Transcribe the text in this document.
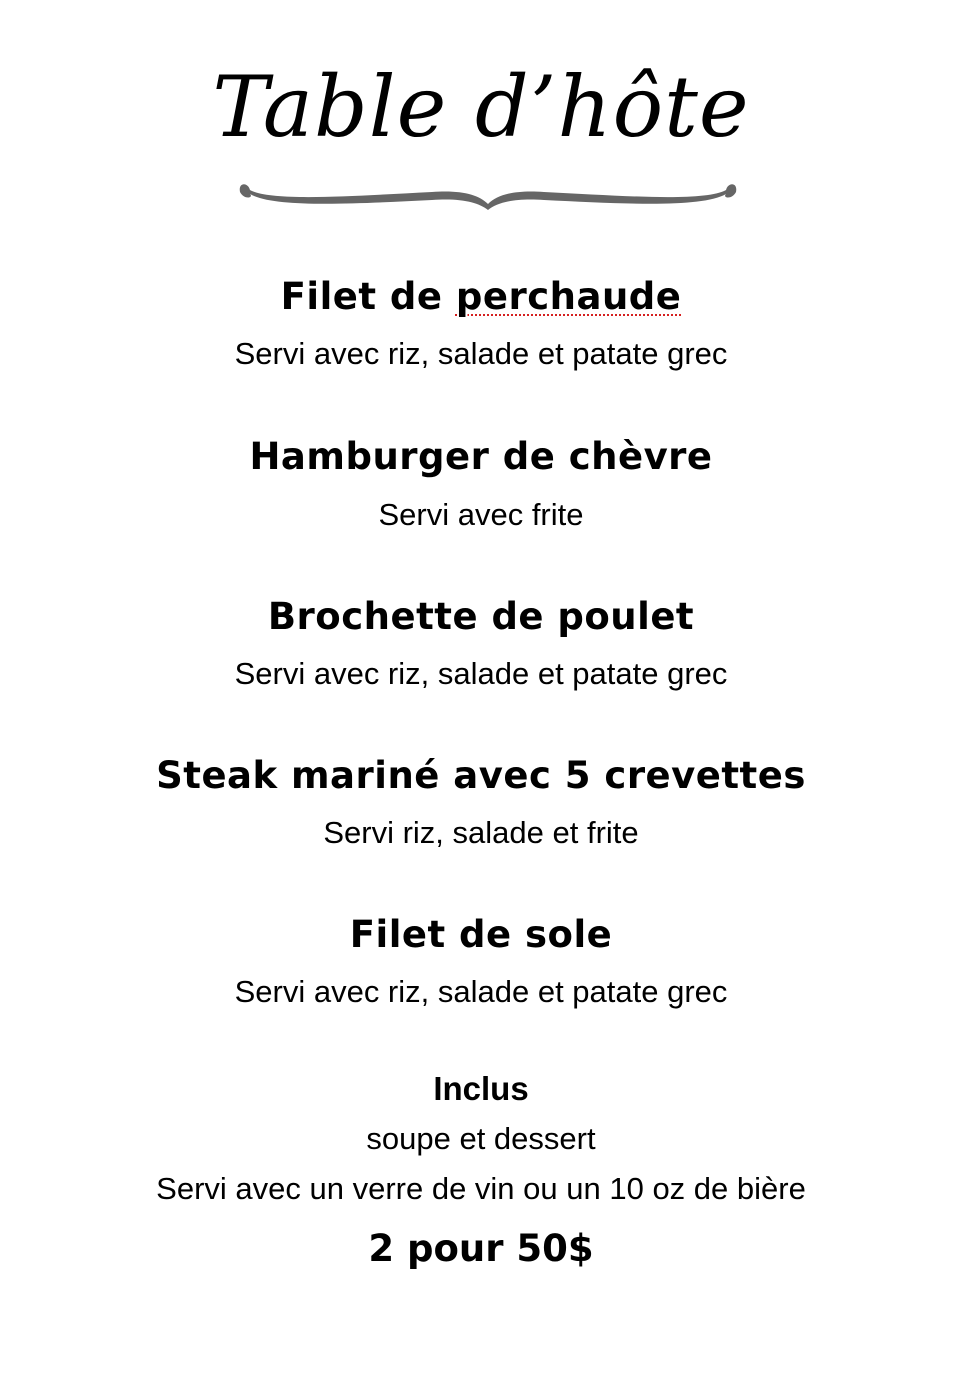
Table d’hôte
Filet de perchaude
Servi avec riz, salade et patate grec
Hamburger de chèvre
Servi avec frite
Brochette de poulet
Servi avec riz, salade et patate grec
Steak mariné avec 5 crevettes
Servi riz, salade et frite
Filet de sole
Servi avec riz, salade et patate grec
Inclus
soupe et dessert
Servi avec un verre de vin ou un 10 oz de bière
2 pour 50$
